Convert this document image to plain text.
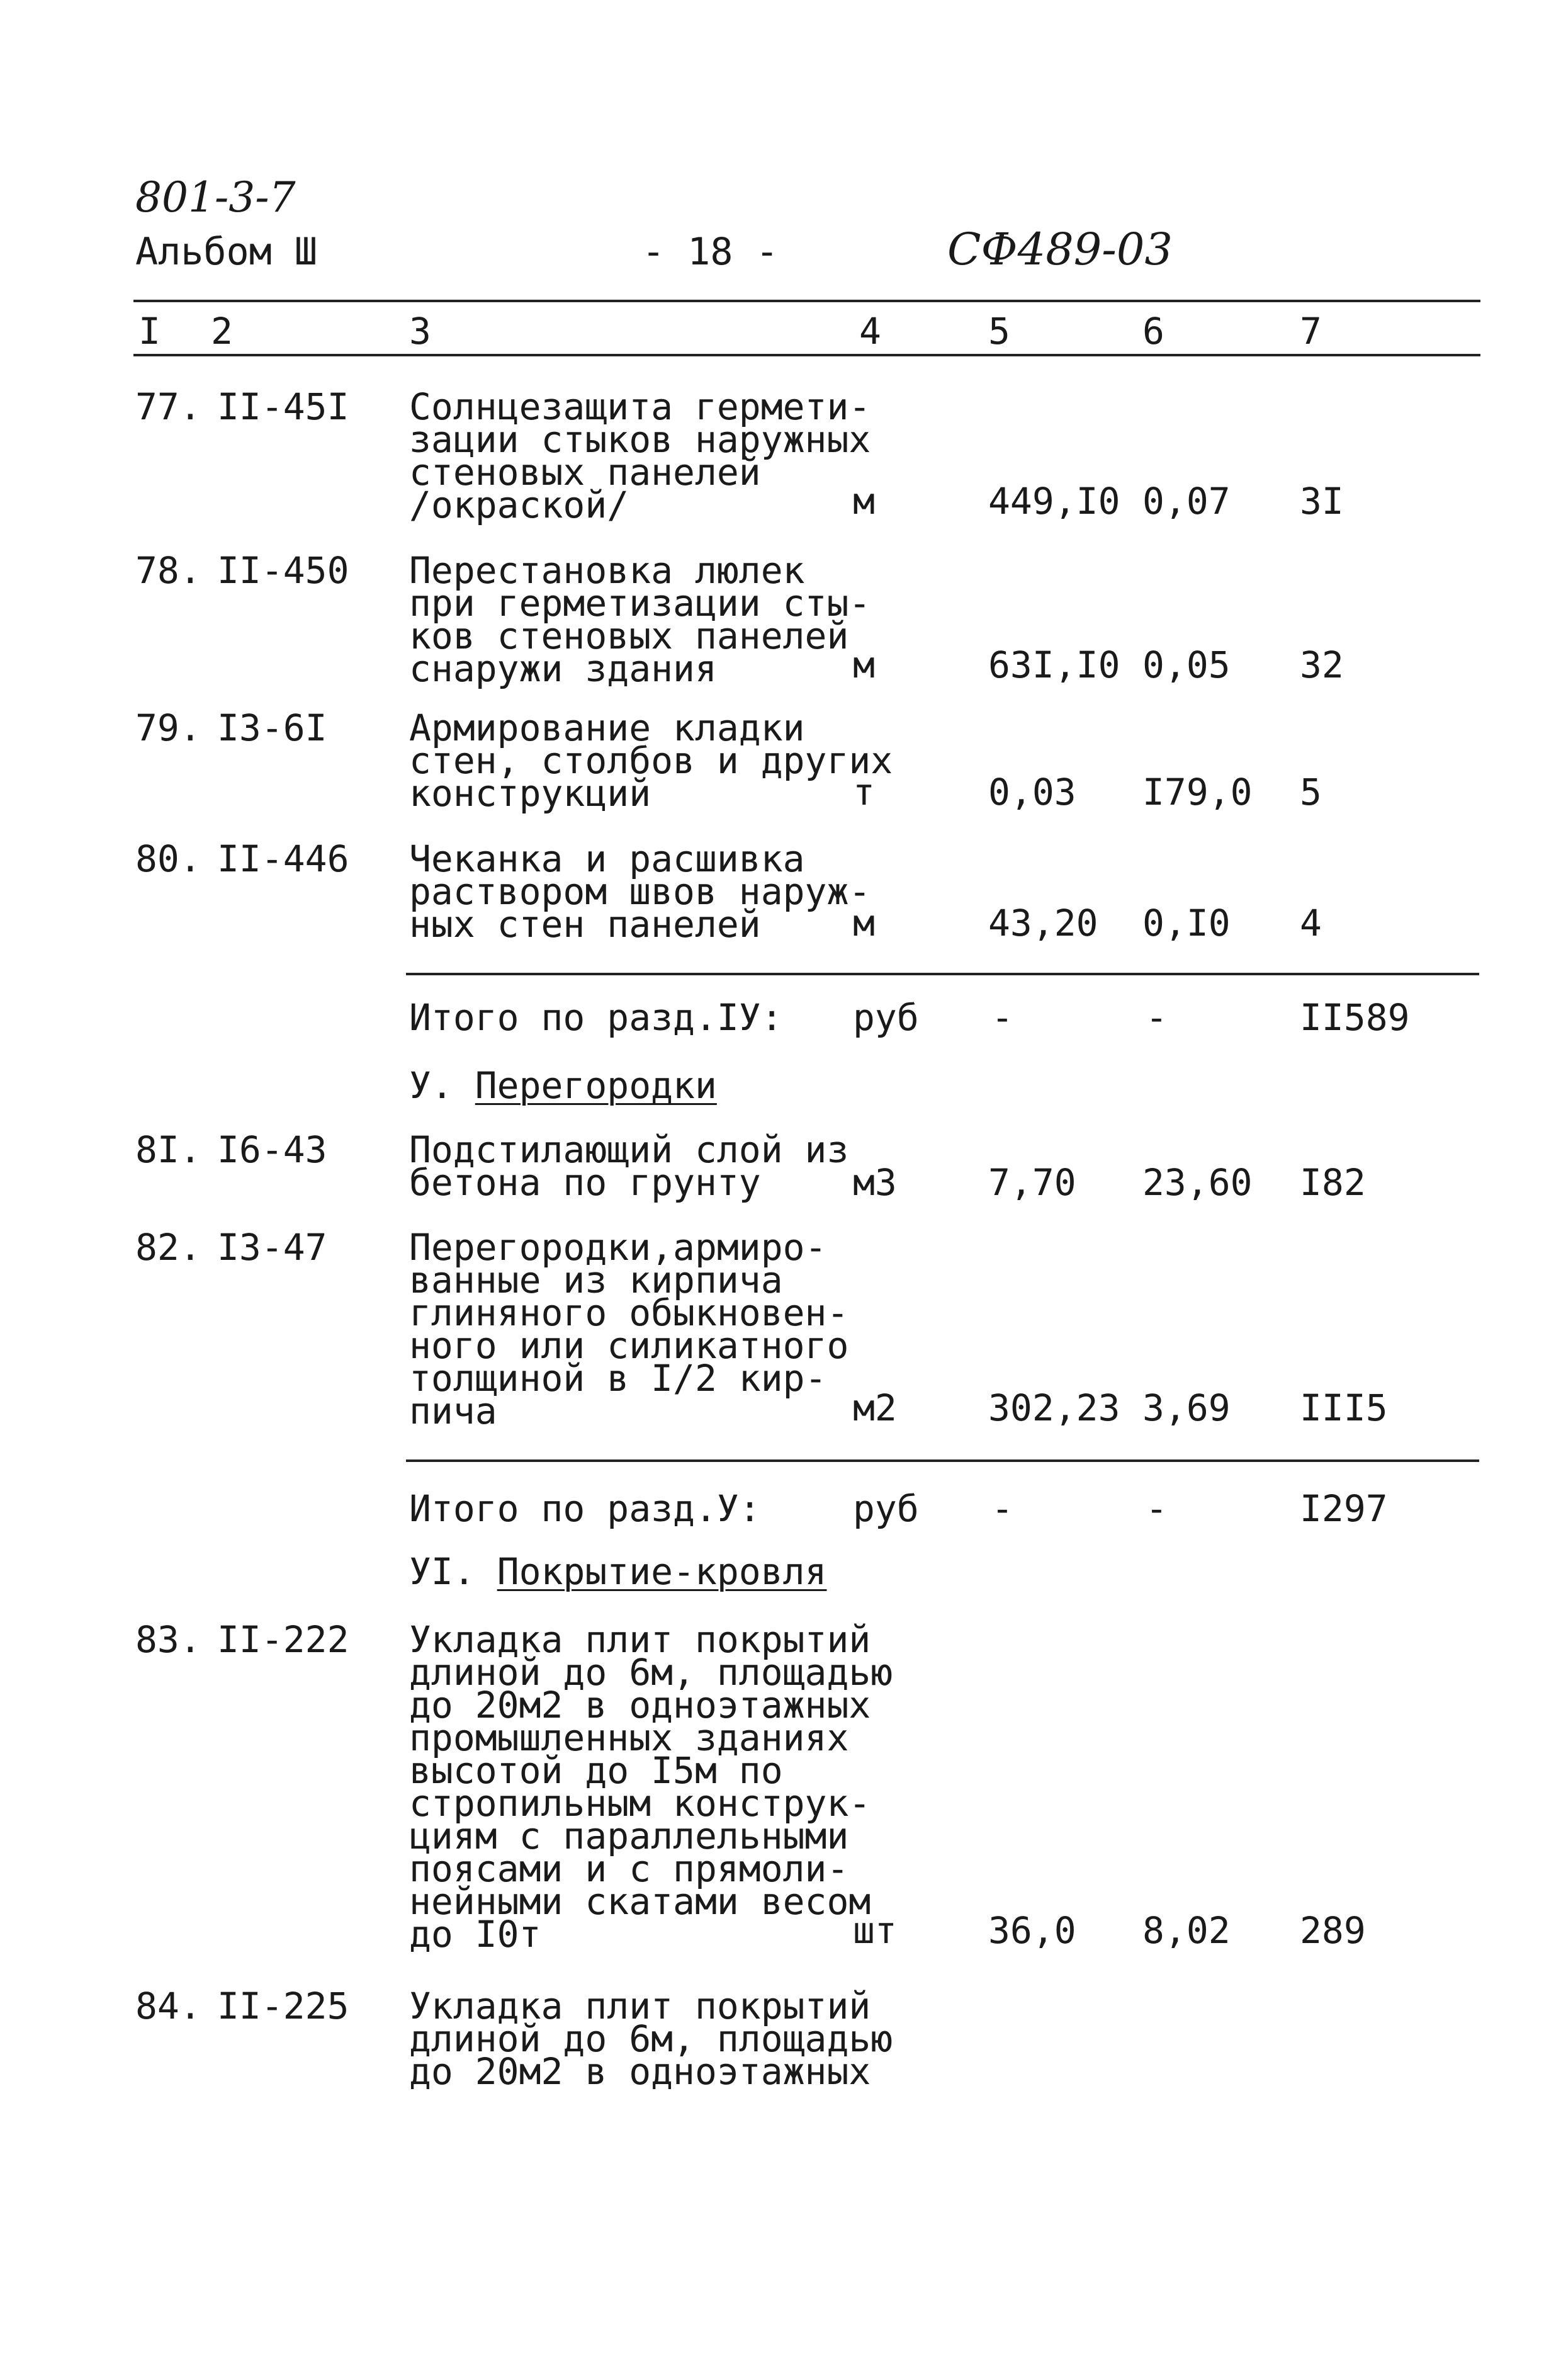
801-3-7
Альбом Ш	- 18 -	СФ489-03
I 2	3	4	5	6	7
77. II-45I Солнцезащита гермети-
зации стыков наружных
стеновых панелей
/окраской/	м	449,I0 0,07 3I
78. II-450 Перестановка люлек
при герметизации сты-
ков стеновых панелей
снаружи здания	м	63I,I0 0,05 32
79. I3-6I Армирование кладки
стен, столбов и других
конструкций	т	0,03 I79,0 5
80. II-446 Чеканка и расшивка
раствором швов наруж-
ных стен панелей	м	43,20 0,I0 4
Итого по разд.IУ: руб -	-	II589
У. Перегородки
8I. I6-43 Подстилающий слой из
бетона по грунту	м3	7,70 23,60 I82
82. I3-47 Перегородки,армиро-
ванные из кирпича
глиняного обыкновен-
ного или силикатного
толщиной в I/2 кир-
пича	м2	302,23 3,69 III5
Итого по разд.У:	руб -	-	I297
УI. Покрытие-кровля
83. II-222 Укладка плит покрытий
длиной до 6м, площадью
до 20м2 в одноэтажных
промышленных зданиях
высотой до I5м по
стропильным конструк-
циям с параллельными
поясами и с прямоли-
нейными скатами весом
до I0т	шт	36,0 8,02 289
84. II-225 Укладка плит покрытий
длиной до 6м, площадью
до 20м2 в одноэтажных
